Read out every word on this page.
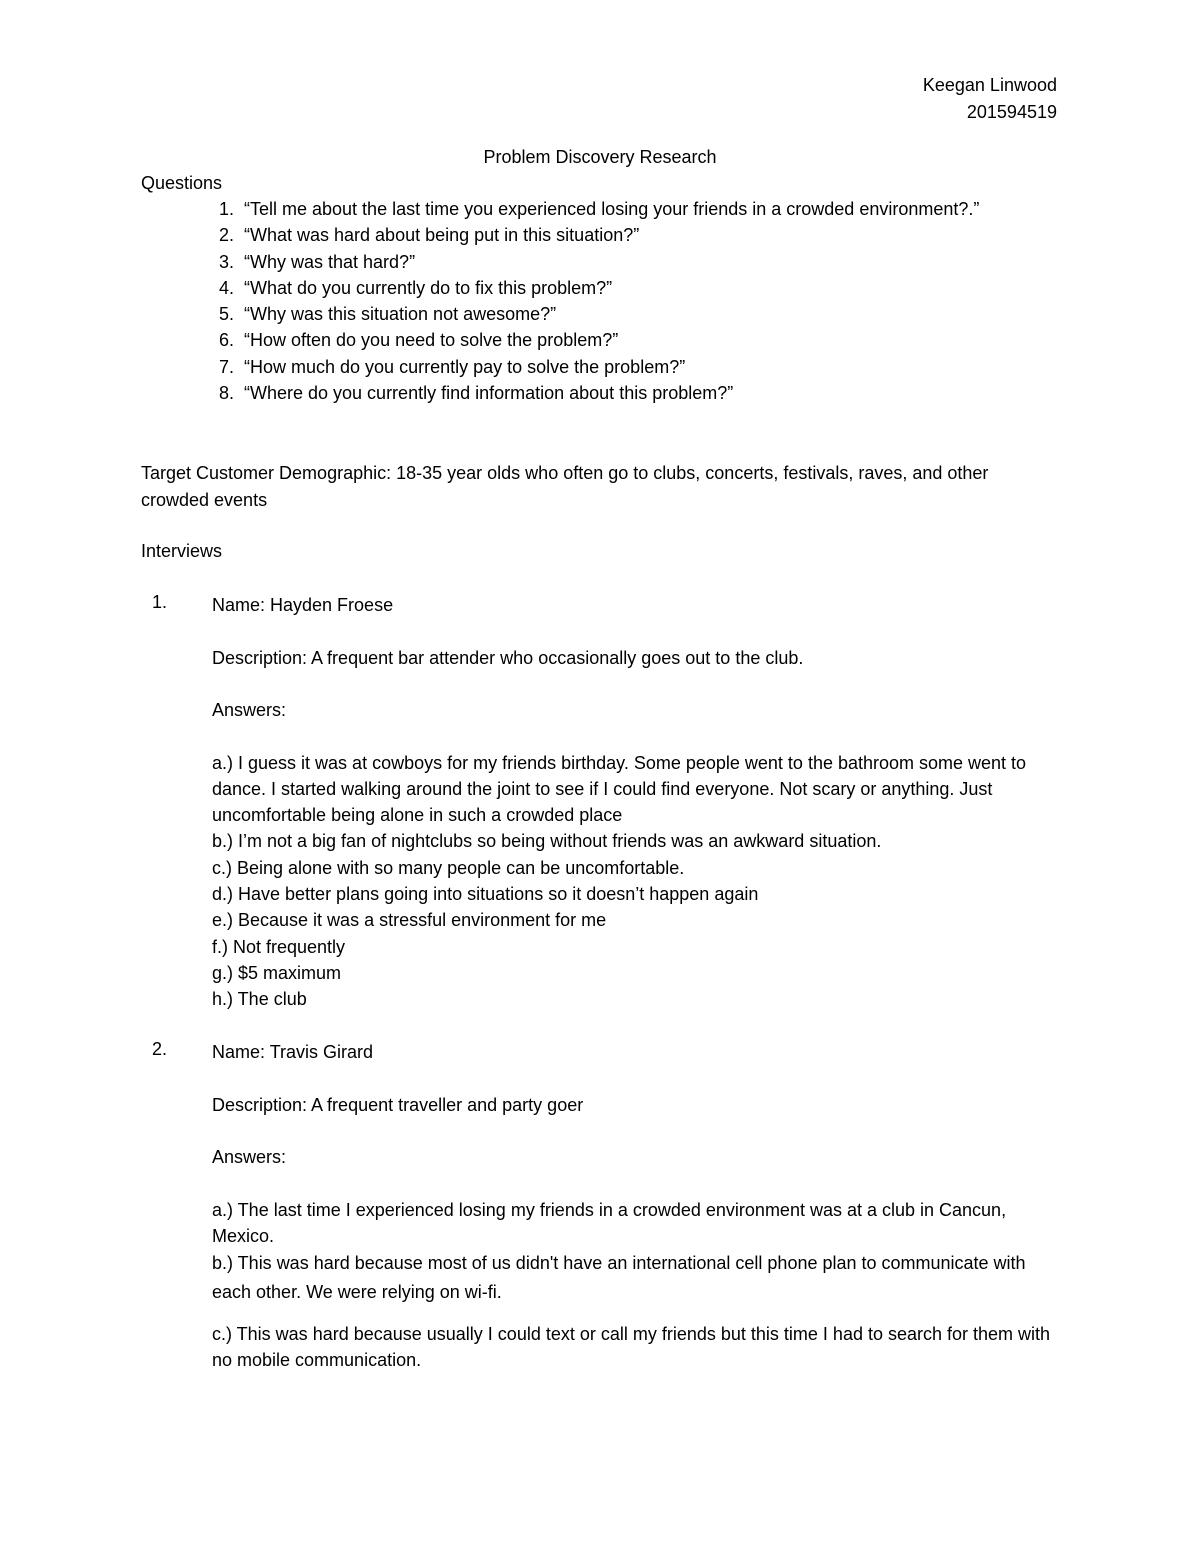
Keegan Linwood
201594519
Problem Discovery Research
Questions
1. “Tell me about the last time you experienced losing your friends in a crowded environment?.”
2. “What was hard about being put in this situation?”
3. “Why was that hard?”
4. “What do you currently do to fix this problem?”
5. “Why was this situation not awesome?”
6. “How often do you need to solve the problem?”
7. “How much do you currently pay to solve the problem?”
8. “Where do you currently find information about this problem?”
Target Customer Demographic: 18-35 year olds who often go to clubs, concerts, festivals, raves, and other crowded events
Interviews
1.	Name: Hayden Froese
Description: A frequent bar attender who occasionally goes out to the club.
Answers:
a.) I guess it was at cowboys for my friends birthday. Some people went to the bathroom some went to dance. I started walking around the joint to see if I could find everyone. Not scary or anything. Just uncomfortable being alone in such a crowded place
b.) I’m not a big fan of nightclubs so being without friends was an awkward situation.
c.) Being alone with so many people can be uncomfortable.
d.) Have better plans going into situations so it doesn’t happen again
e.) Because it was a stressful environment for me
f.) Not frequently
g.) $5 maximum
h.) The club
2.	Name: Travis Girard
Description: A frequent traveller and party goer
Answers:
a.) The last time I experienced losing my friends in a crowded environment was at a club in Cancun, Mexico.
b.) This was hard because most of us didn't have an international cell phone plan to communicate with each other. We were relying on wi-fi.
c.) This was hard because usually I could text or call my friends but this time I had to search for them with no mobile communication.
